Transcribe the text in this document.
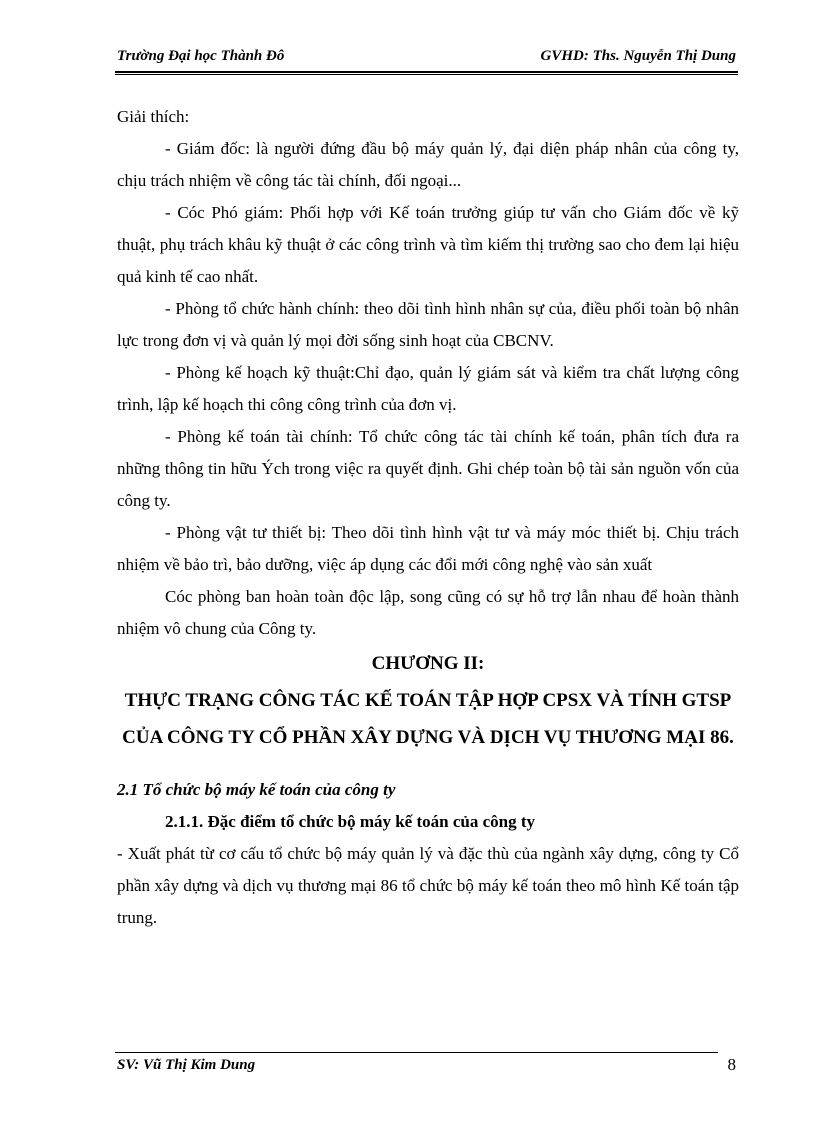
Trường Đại học Thành Đô	GVHD: Ths. Nguyễn Thị Dung

Giải thích:

- Giám đốc: là người đứng đầu bộ máy quản lý, đại diện pháp nhân của công ty, chịu trách nhiệm về công tác tài chính, đối ngoại...

- Cóc Phó giám: Phối hợp với Kế toán trưởng giúp tư vấn cho Giám đốc về kỹ thuật, phụ trách khâu kỹ thuật ở các công trình và tìm kiếm thị trường sao cho đem lại hiệu quả kinh tế cao nhất.

- Phòng tổ chức hành chính: theo dõi tình hình nhân sự của, điều phối toàn bộ nhân lực trong đơn vị và quản lý mọi đời sống sinh hoạt của CBCNV.

- Phòng kế hoạch kỹ thuật:Chỉ đạo, quản lý giám sát và kiểm tra chất lượng công trình, lập kế hoạch thi công công trình của đơn vị.

- Phòng kế toán tài chính: Tổ chức công tác tài chính kế toán, phân tích đưa ra những thông tin hữu Ých trong việc ra quyết định. Ghi chép toàn bộ tài sản nguồn vốn của công ty.

- Phòng vật tư thiết bị: Theo dõi tình hình vật tư và máy móc thiết bị. Chịu trách nhiệm về bảo trì, bảo dưỡng, việc áp dụng các đổi mới công nghệ vào sản xuất

Cóc phòng ban hoàn toàn độc lập, song cũng có sự hỗ trợ lẫn nhau để hoàn thành nhiệm vô chung của Công ty.

CHƯƠNG II:

THỰC TRẠNG CÔNG TÁC KẾ TOÁN TẬP HỢP CPSX VÀ TÍNH GTSP CỦA CÔNG TY CỔ PHẦN XÂY DỰNG VÀ DỊCH VỤ THƯƠNG MẠI 86.

2.1 Tổ chức bộ máy kế toán của công ty

2.1.1. Đặc điểm tổ chức bộ máy kế toán của công ty

- Xuất phát từ cơ cấu tổ chức bộ máy quản lý và đặc thù của ngành xây dựng, công ty Cổ phần xây dựng và dịch vụ thương mại 86 tổ chức bộ máy kế toán theo mô hình Kế toán tập trung.

SV: Vũ Thị Kim Dung	8
